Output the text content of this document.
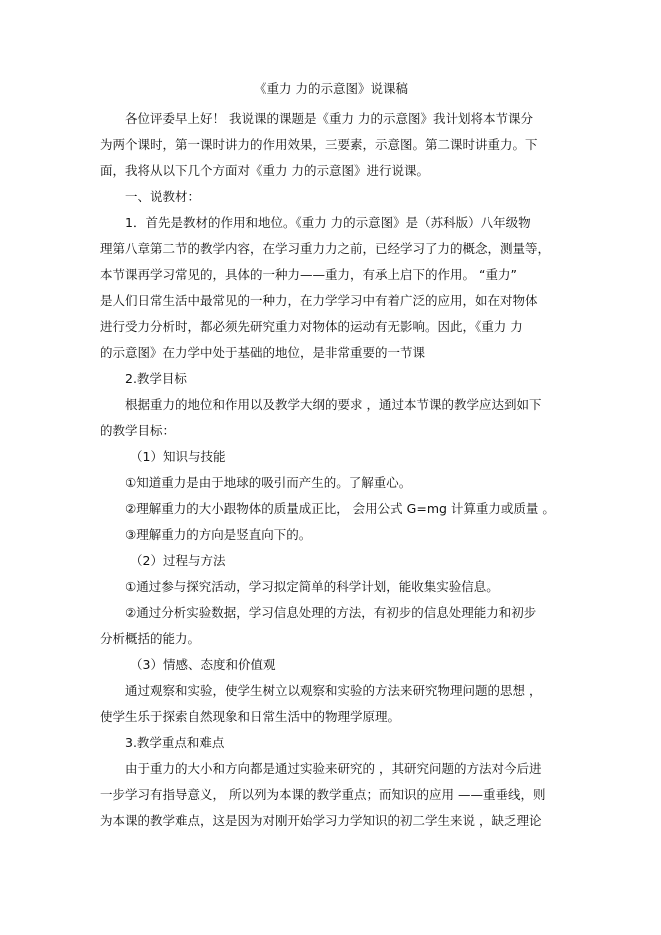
《重力 力的示意图》说课稿

各位评委早上好！ 我说课的课题是《重力 力的示意图》我计划将本节课分

为两个课时，第一课时讲力的作用效果，三要素，示意图。第二课时讲重力。下

面，我将从以下几个方面对《重力 力的示意图》进行说课。

一、说教材：

1．首先是教材的作用和地位。《重力 力的示意图》是（苏科版）八年级物

理第八章第二节的教学内容，在学习重力力之前，已经学习了力的概念，测量等，

本节课再学习常见的，具体的一种力——重力，有承上启下的作用。 “重力”

是人们日常生活中最常见的一种力，在力学学习中有着广泛的应用，如在对物体

进行受力分析时，都必须先研究重力对物体的运动有无影响。因此，《重力 力

的示意图》在力学中处于基础的地位，是非常重要的一节课

2.教学目标

根据重力的地位和作用以及教学大纲的要求 ，通过本节课的教学应达到如下

的教学目标：

（1）知识与技能

①知道重力是由于地球的吸引而产生的。了解重心。

②理解重力的大小跟物体的质量成正比， 会用公式 G=mg 计算重力或质量 。

③理解重力的方向是竖直向下的。

（2）过程与方法

①通过参与探究活动，学习拟定简单的科学计划，能收集实验信息。

②通过分析实验数据，学习信息处理的方法，有初步的信息处理能力和初步

分析概括的能力。

（3）情感、态度和价值观

通过观察和实验，使学生树立以观察和实验的方法来研究物理问题的思想 ，

使学生乐于探索自然现象和日常生活中的物理学原理。

3.教学重点和难点

由于重力的大小和方向都是通过实验来研究的 ，其研究问题的方法对今后进

一步学习有指导意义， 所以列为本课的教学重点；而知识的应用 ——重垂线，则

为本课的教学难点，这是因为对刚开始学习力学知识的初二学生来说 ，缺乏理论
